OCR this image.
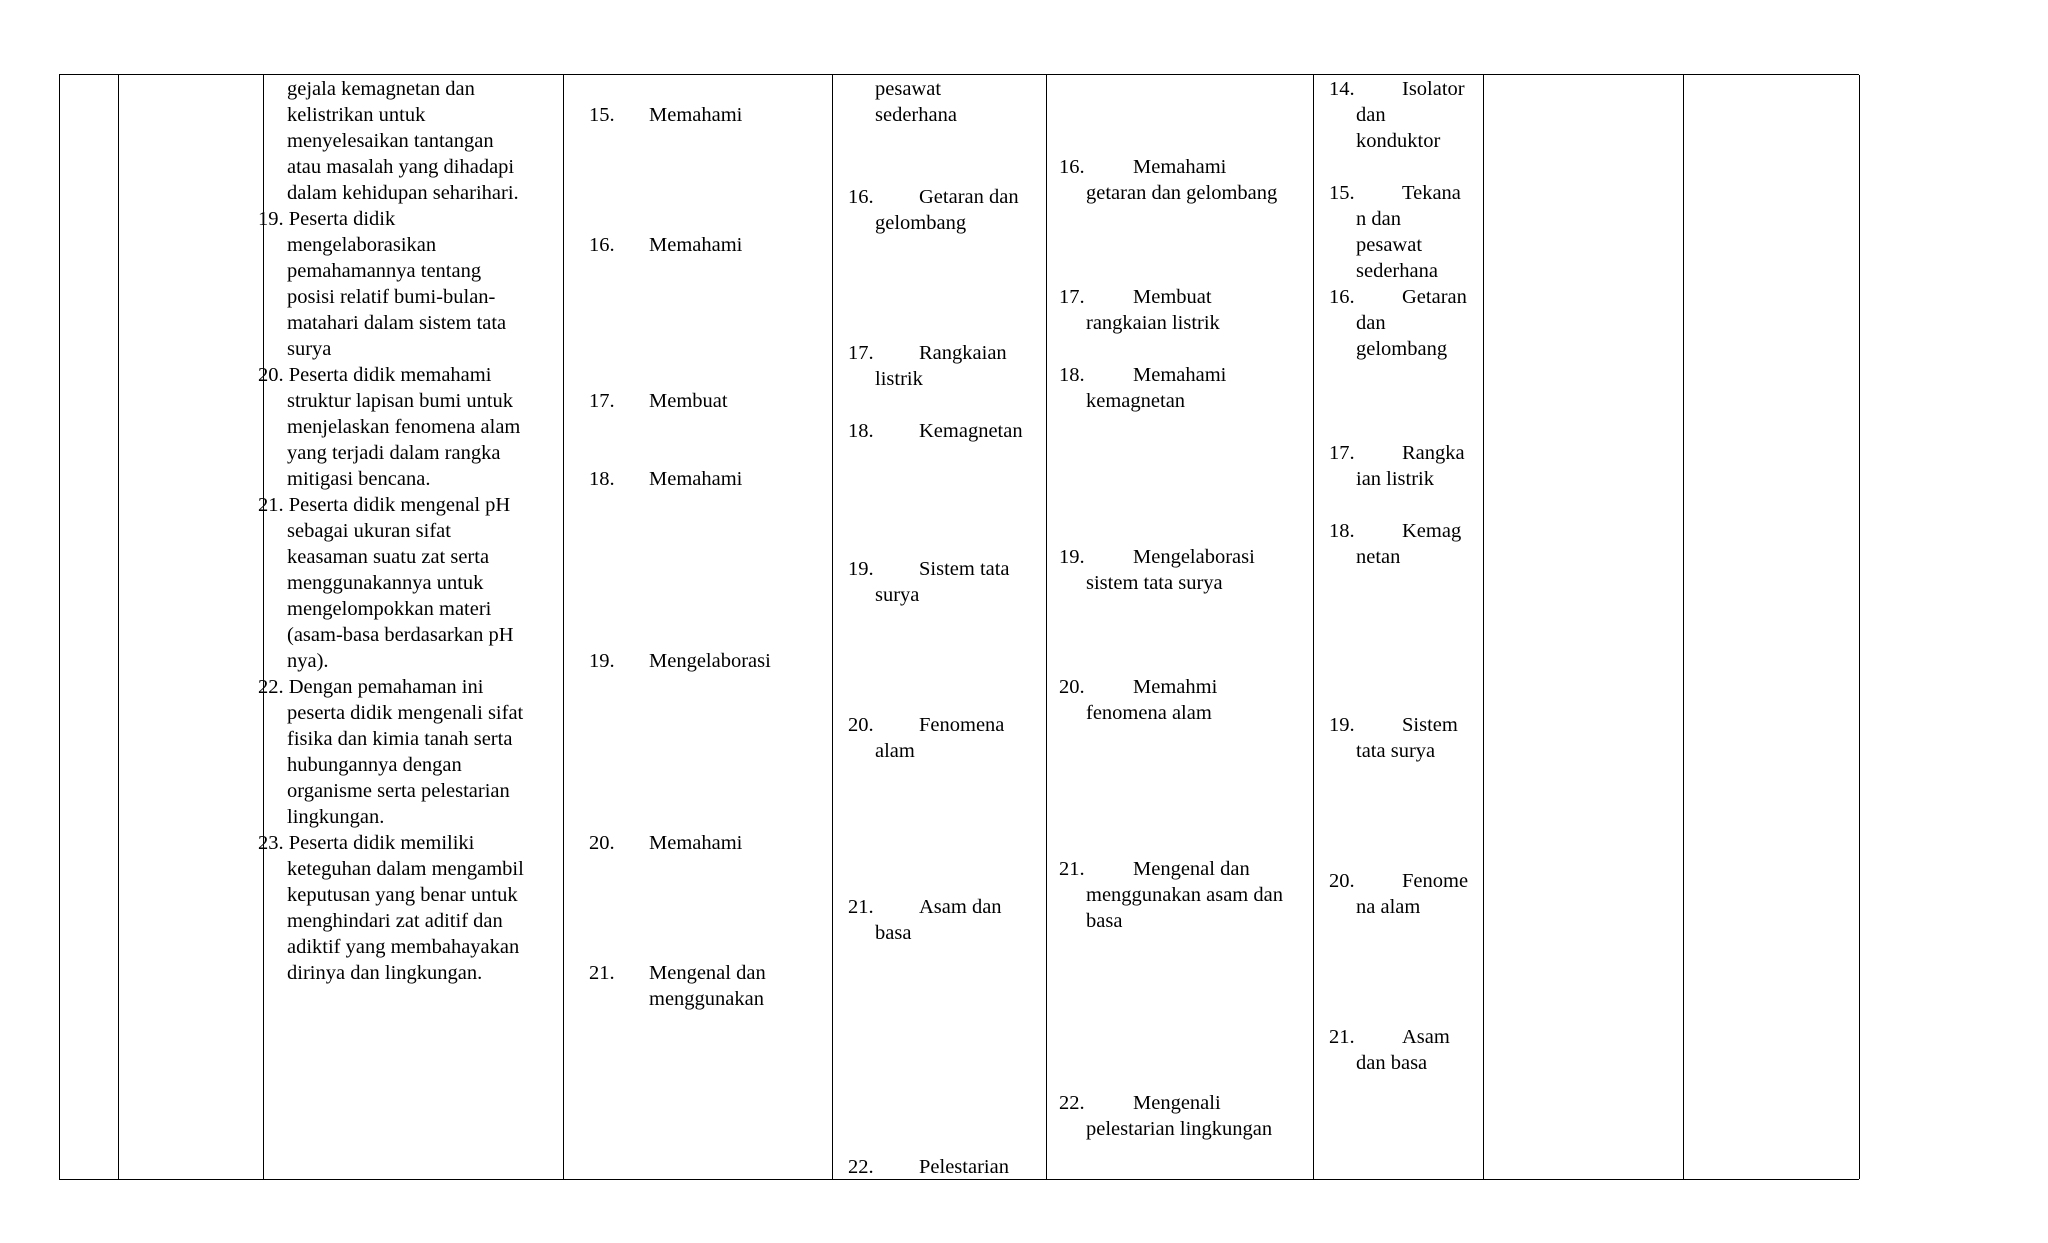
gejala kemagnetan dan
kelistrikan untuk
menyelesaikan tantangan
atau masalah yang dihadapi
dalam kehidupan seharihari.
19. Peserta didik
mengelaborasikan
pemahamannya tentang
posisi relatif bumi-bulan-
matahari dalam sistem tata
surya
20. Peserta didik memahami
struktur lapisan bumi untuk
menjelaskan fenomena alam
yang terjadi dalam rangka
mitigasi bencana.
21. Peserta didik mengenal pH
sebagai ukuran sifat
keasaman suatu zat serta
menggunakannya untuk
mengelompokkan materi
(asam-basa berdasarkan pH
nya).
22. Dengan pemahaman ini
peserta didik mengenali sifat
fisika dan kimia tanah serta
hubungannya dengan
organisme serta pelestarian
lingkungan.
23. Peserta didik memiliki
keteguhan dalam mengambil
keputusan yang benar untuk
menghindari zat aditif dan
adiktif yang membahayakan
dirinya dan lingkungan.
15. Memahami
16. Memahami
17. Membuat
18. Memahami
19. Mengelaborasi
20. Memahami
21. Mengenal dan
menggunakan
pesawat
sederhana
16. Getaran dan
gelombang
17. Rangkaian
listrik
18. Kemagnetan
19. Sistem tata
surya
20. Fenomena
alam
21. Asam dan
basa
22. Pelestarian
16. Memahami
getaran dan gelombang
17. Membuat
rangkaian listrik
18. Memahami
kemagnetan
19. Mengelaborasi
sistem tata surya
20. Memahmi
fenomena alam
21. Mengenal dan
menggunakan asam dan
basa
22. Mengenali
pelestarian lingkungan
14. Isolator
dan
konduktor
15. Tekana
n dan
pesawat
sederhana
16. Getaran
dan
gelombang
17. Rangka
ian listrik
18. Kemag
netan
19. Sistem
tata surya
20. Fenome
na alam
21. Asam
dan basa
